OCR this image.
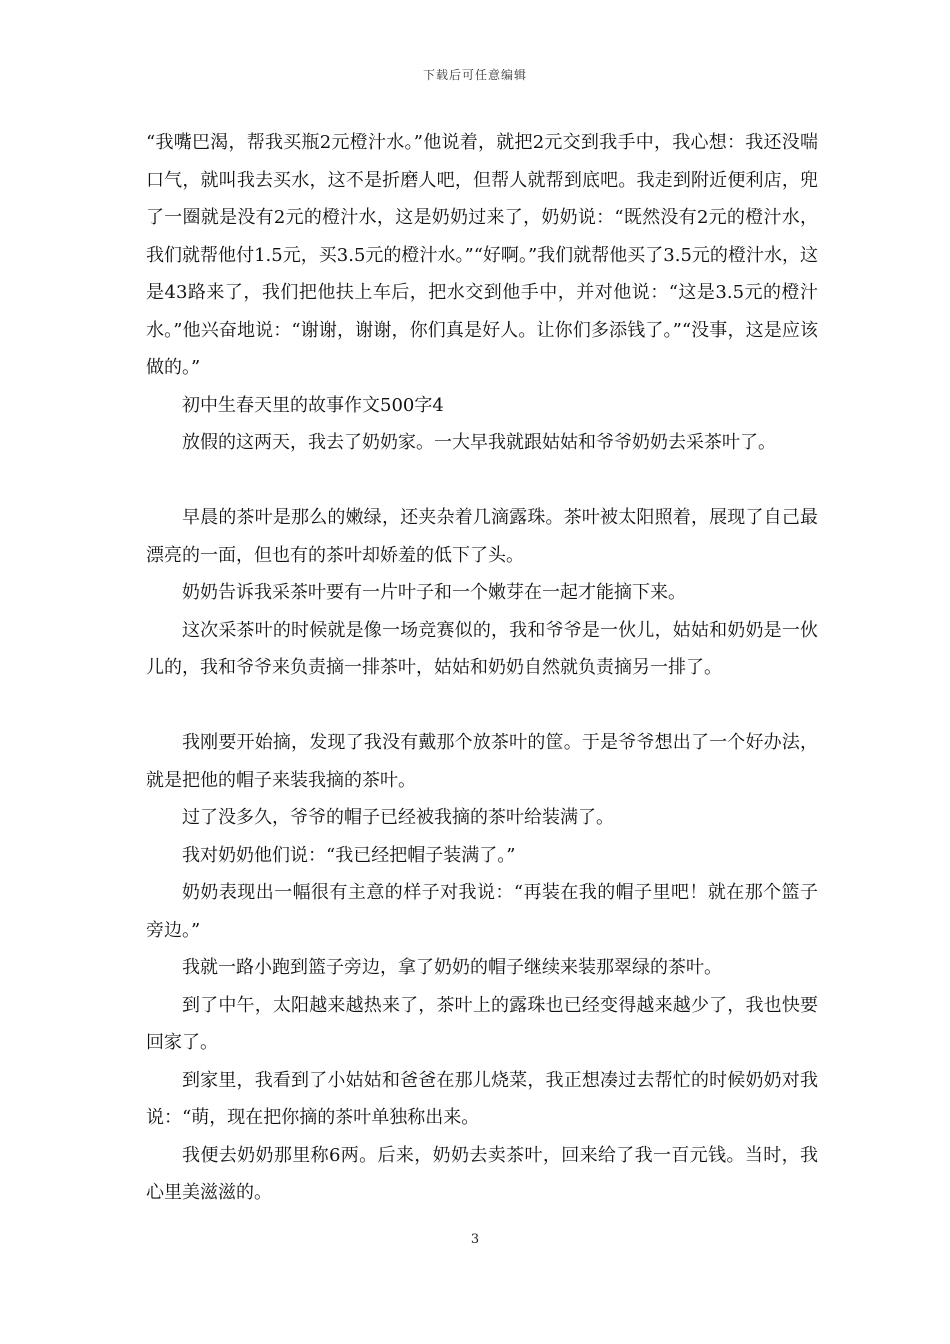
下载后可任意编辑

“我嘴巴渴，帮我买瓶2元橙汁水。”他说着，就把2元交到我手中，我心想：我还没喘口气，就叫我去买水，这不是折磨人吧，但帮人就帮到底吧。我走到附近便利店，兜了一圈就是没有2元的橙汁水，这是奶奶过来了，奶奶说：“既然没有2元的橙汁水，我们就帮他付1.5元，买3.5元的橙汁水。”“好啊。”我们就帮他买了3.5元的橙汁水，这是43路来了，我们把他扶上车后，把水交到他手中，并对他说：“这是3.5元的橙汁水。”他兴奋地说：“谢谢，谢谢，你们真是好人。让你们多添钱了。”“没事，这是应该做的。”

初中生春天里的故事作文500字4

放假的这两天，我去了奶奶家。一大早我就跟姑姑和爷爷奶奶去采茶叶了。

早晨的茶叶是那么的嫩绿，还夹杂着几滴露珠。茶叶被太阳照着，展现了自己最漂亮的一面，但也有的茶叶却娇羞的低下了头。

奶奶告诉我采茶叶要有一片叶子和一个嫩芽在一起才能摘下来。

这次采茶叶的时候就是像一场竞赛似的，我和爷爷是一伙儿，姑姑和奶奶是一伙儿的，我和爷爷来负责摘一排茶叶，姑姑和奶奶自然就负责摘另一排了。

我刚要开始摘，发现了我没有戴那个放茶叶的筐。于是爷爷想出了一个好办法，就是把他的帽子来装我摘的茶叶。

过了没多久，爷爷的帽子已经被我摘的茶叶给装满了。

我对奶奶他们说：“我已经把帽子装满了。”

奶奶表现出一幅很有主意的样子对我说：“再装在我的帽子里吧！就在那个篮子旁边。”

我就一路小跑到篮子旁边，拿了奶奶的帽子继续来装那翠绿的茶叶。

到了中午，太阳越来越热来了，茶叶上的露珠也已经变得越来越少了，我也快要回家了。

到家里，我看到了小姑姑和爸爸在那儿烧菜，我正想凑过去帮忙的时候奶奶对我说：“萌，现在把你摘的茶叶单独称出来。

我便去奶奶那里称6两。后来，奶奶去卖茶叶，回来给了我一百元钱。当时，我心里美滋滋的。

3
